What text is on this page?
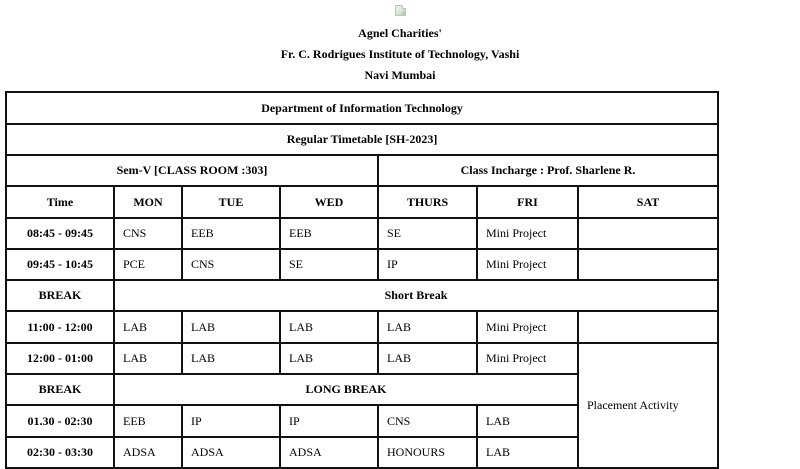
Agnel Charities'
Fr. C. Rodrigues Institute of Technology, Vashi
Navi Mumbai
Department of Information Technology						
Regular Timetable [SH-2023]						
Sem-V [CLASS ROOM :303]				Class Incharge : Prof. Sharlene R.		
Time	MON	TUE	WED	THURS	FRI	SAT
08:45 - 09:45	CNS	EEB	EEB	SE	Mini Project	
09:45 - 10:45	PCE	CNS	SE	IP	Mini Project	
BREAK	Short Break					
11:00 - 12:00	LAB	LAB	LAB	LAB	Mini Project	
12:00 - 01:00	LAB	LAB	LAB	LAB	Mini Project	Placement Activity
BREAK	LONG BREAK					
01.30 - 02:30	EEB	IP	IP	CNS	LAB	
02:30 - 03:30	ADSA	ADSA	ADSA	HONOURS	LAB	
